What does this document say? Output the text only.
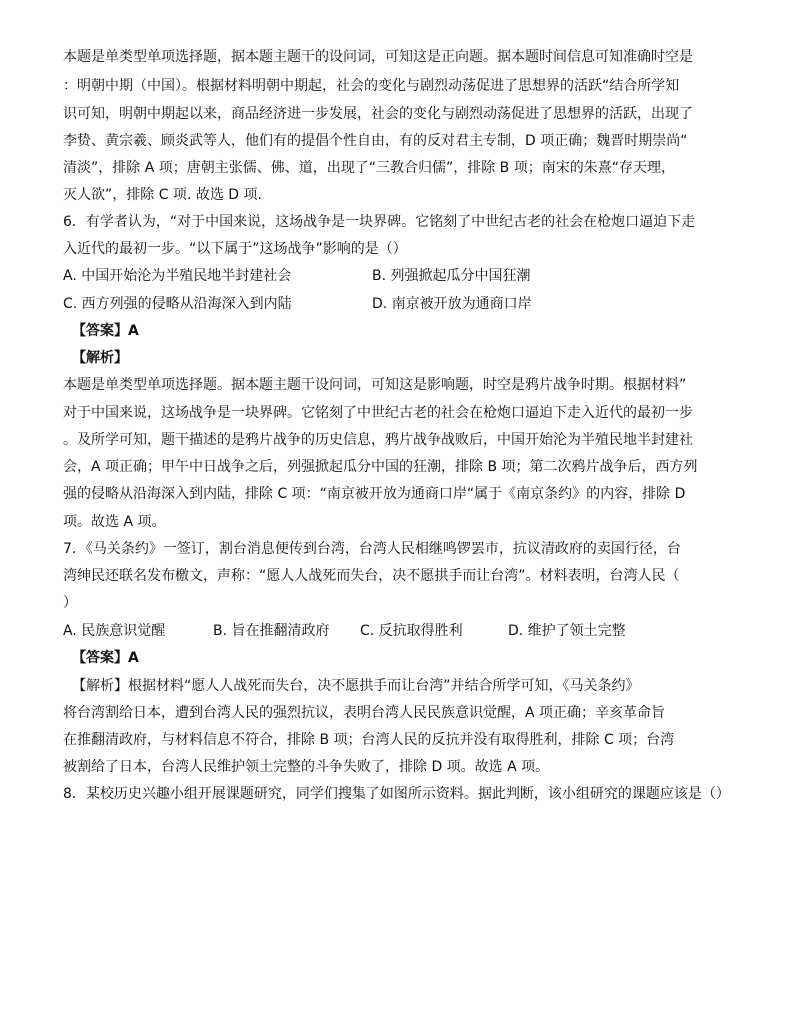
本题是单类型单项选择题，据本题主题干的设问词，可知这是正向题。据本题时间信息可知准确时空是
：明朝中期（中国）。根据材料明朝中期起，社会的变化与剧烈动荡促进了思想界的活跃“结合所学知
识可知，明朝中期起以来，商品经济进一步发展，社会的变化与剧烈动荡促进了思想界的活跃，出现了
李贽、黄宗羲、顾炎武等人，他们有的提倡个性自由，有的反对君主专制，D 项正确；魏晋时期崇尚“
清淡”，排除 A 项；唐朝主张儒、佛、道，出现了“三教合归儒”，排除 B 项；南宋的朱熹“存天理，
灭人欲”，排除 C 项. 故选 D 项.
6．有学者认为，“对于中国来说，这场战争是一块界碑。它铭刻了中世纪古老的社会在枪炮口逼迫下走
入近代的最初一步。“以下属于”这场战争”影响的是（）
A. 中国开始沦为半殖民地半封建社会	B. 列强掀起瓜分中国狂潮
C. 西方列强的侵略从沿海深入到内陆	D. 南京被开放为通商口岸
【答案】A
【解析】
本题是单类型单项选择题。据本题主题干设问词，可知这是影响题，时空是鸦片战争时期。根据材料”
对于中国来说，这场战争是一块界碑。它铭刻了中世纪古老的社会在枪炮口逼迫下走入近代的最初一步
。及所学可知，题干描述的是鸦片战争的历史信息，鸦片战争战败后，中国开始沦为半殖民地半封建社
会，A 项正确；甲午中日战争之后，列强掀起瓜分中国的狂潮，排除 B 项；第二次鸦片战争后，西方列
强的侵略从沿海深入到内陆，排除 C 项：“南京被开放为通商口岸“属于《南京条约》的内容，排除 D
项。故选 A 项。
7．《马关条约》一签订，割台消息便传到台湾，台湾人民相继鸣锣罢市，抗议清政府的卖国行径，台
湾绅民还联名发布檄文，声称：“愿人人战死而失台，决不愿拱手而让台湾”。材料表明，台湾人民（
）
A. 民族意识觉醒	B. 旨在推翻清政府 C. 反抗取得胜利	D. 维护了领土完整
【答案】A
【解析】根据材料“愿人人战死而失台，决不愿拱手而让台湾”并结合所学可知，《马关条约》
将台湾割给日本，遭到台湾人民的强烈抗议，表明台湾人民民族意识觉醒，A 项正确；辛亥革命旨
在推翻清政府，与材料信息不符合，排除 B 项；台湾人民的反抗并没有取得胜利，排除 C 项；台湾
被割给了日本，台湾人民维护领土完整的斗争失败了，排除 D 项。故选 A 项。
8．某校历史兴趣小组开展课题研究，同学们搜集了如图所示资料。据此判断，该小组研究的课题应该是（）
